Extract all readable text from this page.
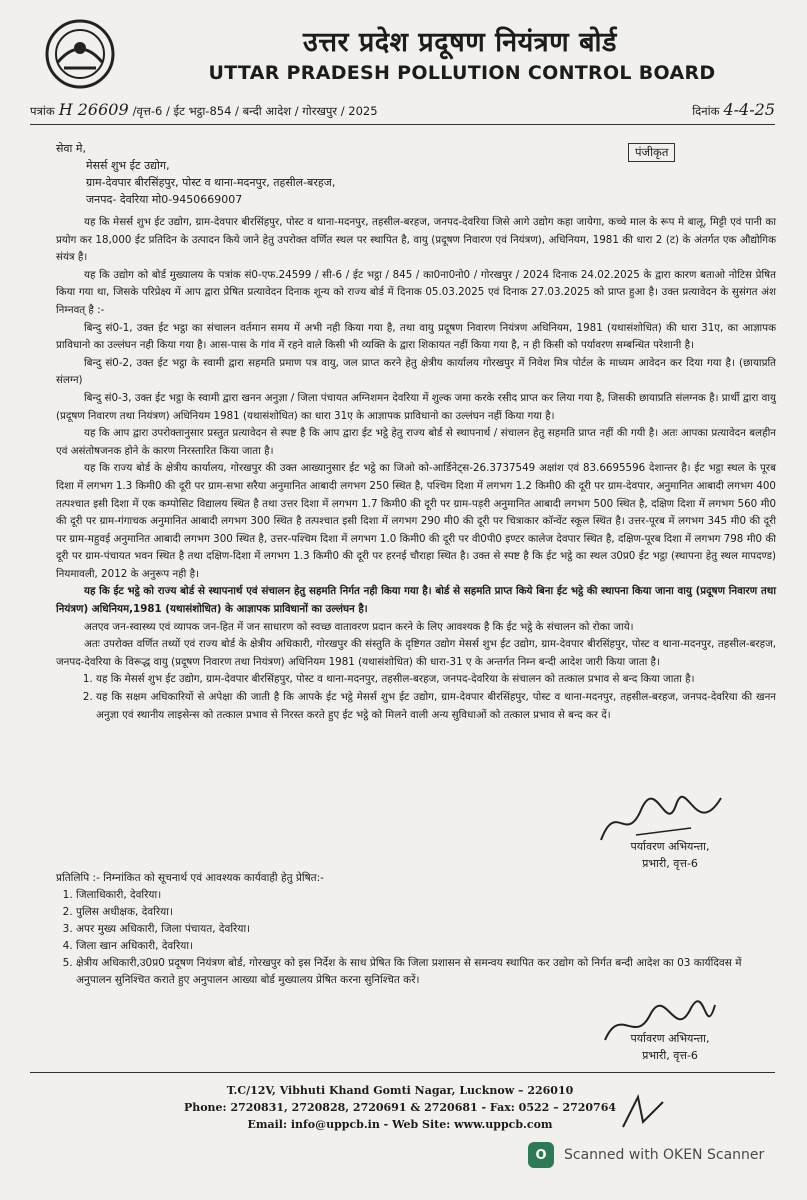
उत्तर प्रदेश प्रदूषण नियंत्रण बोर्ड
UTTAR PRADESH POLLUTION CONTROL BOARD
पत्रांक H 26609 /वृत्त-6 / ईट भट्ठा-854 / बन्दी आदेश / गोरखपुर / 2025	दिनांक 4-4-25
पंजीकृत
सेवा मे,
मेसर्स शुभ ईट उद्योग,
ग्राम-देवपार बीरसिंहपुर, पोस्ट व थाना-मदनपुर, तहसील-बरहज,
जनपद- देवरिया मो0-9450669007

यह कि मेसर्स शुभ ईट उद्योग, ग्राम-देवपार बीरसिंहपुर, पोस्ट व थाना-मदनपुर, तहसील-बरहज, जनपद-देवरिया जिसे आगे उद्योग कहा जायेगा, कच्चे माल के रूप मे बालू, मिट्टी एवं पानी का प्रयोग कर 18,000 ईट प्रतिदिन के उत्पादन किये जाने हेतु उपरोक्त वर्णित स्थल पर स्थापित है, वायु (प्रदूषण निवारण एवं नियंत्रण), अधिनियम, 1981 की धारा 2 (ट) के अंतर्गत एक औद्योगिक संयंत्र है।

यह कि उद्योग को बोर्ड मुख्यालय के पत्रांक सं0-एफ.24599 / सी-6 / ईट भट्ठा / 845 / का0ना0नो0 / गोरखपुर / 2024 दिनाक 24.02.2025 के द्वारा कारण बताओ नोटिस प्रेषित किया गया था, जिसके परिप्रेक्ष्य में आप द्वारा प्रेषित प्रत्यावेदन दिनाक शून्य को राज्य बोर्ड में दिनाक 05.03.2025 एवं दिनाक 27.03.2025 को प्राप्त हुआ है। उक्त प्रत्यावेदन के सुसंगत अंश निम्नवत् है :-

बिन्दु सं0-1, उक्त ईट भट्ठा का संचालन वर्तमान समय में अभी नही किया गया है, तथा वायु प्रदूषण निवारण नियंत्रण अधिनियम, 1981 (यथासंशोधित) की धारा 31ए, का आज्ञापक प्राविधानो का उल्लंघन नही किया गया है। आस-पास के गांव में रहने वाले किसी भी व्यक्ति के द्वारा शिकायत नहीं किया गया है, न ही किसी को पर्यावरण सम्बन्धित परेशानी है।

बिन्दु सं0-2, उक्त ईट भट्ठा के स्वामी द्वारा सहमति प्रमाण पत्र वायु, जल प्राप्त करने हेतु क्षेत्रीय कार्यालय गोरखपुर में निवेश मित्र पोर्टल के माध्यम आवेदन कर दिया गया है। (छायाप्रति संलग्न)

बिन्दु सं0-3, उक्त ईट भट्ठा के स्वामी द्वारा खनन अनुज्ञा / जिला पंचायत अग्निशमन देवरिया में शुल्क जमा करके रसीद प्राप्त कर लिया गया है, जिसकी छायाप्रति संलग्नक है। प्रार्थी द्वारा वायु (प्रदूषण निवारण तथा नियंत्रण) अधिनियम 1981 (यथासंशोधित) का धारा 31ए के आज्ञापक प्राविधानो का उल्लंघन नहीं किया गया है।

यह कि आप द्वारा उपरोक्तानुसार प्रस्तुत प्रत्यावेदन से स्पष्ट है कि आप द्वारा ईट भट्ठे हेतु राज्य बोर्ड से स्थापनार्थ / संचालन हेतु सहमति प्राप्त नहीं की गयी है। अतः आपका प्रत्यावेदन बलहीन एवं असंतोषजनक होने के कारण निरस्तारित किया जाता है।

यह कि राज्य बोर्ड के क्षेत्रीय कार्यालय, गोरखपुर की उक्त आख्यानुसार ईट भट्ठे का जिओ को-आर्डिनेट्स-26.3737549 अक्षांश एवं 83.6695596 देशान्तर है। ईट भट्ठा स्थल के पूरब दिशा में लगभग 1.3 किमी0 की दूरी पर ग्राम-सभा सरैया अनुमानित आबादी लगभग 250 स्थित है, पश्चिम दिशा में लगभग 1.2 किमी0 की दूरी पर ग्राम-देवपार, अनुमानित आबादी लगभग 400 तत्पश्चात इसी दिशा में एक कम्पोसिट विद्यालय स्थित है तथा उत्तर दिशा में लगभग 1.7 किमी0 की दूरी पर ग्राम-पड़री अनुमानित आबादी लगभग 500 स्थित है, दक्षिण दिशा में लगभग 560 मी0 की दूरी पर ग्राम-गंगाचक अनुमानित आबादी लगभग 300 स्थित है तत्पश्चात इसी दिशा में लगभग 290 मी0 की दूरी पर चित्राकार कॉन्वेंट स्कूल स्थित है। उत्तर-पूरब में लगभग 345 मी0 की दूरी पर ग्राम-महुवई अनुमानित आबादी लगभग 300 स्थित है, उत्तर-पश्चिम दिशा में लगभग 1.0 किमी0 की दूरी पर वी0पी0 इण्टर कालेज देवपार स्थित है, दक्षिण-पूरब दिशा में लगभग 798 मी0 की दूरी पर ग्राम-पंचायत भवन स्थित है तथा दक्षिण-दिशा में लगभग 1.3 किमी0 की दूरी पर हरनई चौराहा स्थित है। उक्त से स्पष्ट है कि ईट भट्ठे का स्थल उ0प्र0 ईट भट्ठा (स्थापना हेतु स्थल मापदण्ड) नियमावली, 2012 के अनुरूप नही है।

यह कि ईट भट्ठे को राज्य बोर्ड से स्थापनार्थ एवं संचालन हेतु सहमति निर्गत नही किया गया है। बोर्ड से सहमति प्राप्त किये बिना ईट भट्ठे की स्थापना किया जाना वायु (प्रदूषण निवारण तथा नियंत्रण) अधिनियम,1981 (यथासंशोधित) के आज्ञापक प्राविधानों का उल्लंघन है।

अतएव जन-स्वास्थ्य एवं व्यापक जन-हित में जन साधारण को स्वच्छ वातावरण प्रदान करने के लिए आवश्यक है कि ईट भट्ठे के संचालन को रोका जाये।

अतः उपरोक्त वर्णित तथ्यों एवं राज्य बोर्ड के क्षेत्रीय अधिकारी, गोरखपुर की संस्तुति के दृष्टिगत उद्योग मेसर्स शुभ ईट उद्योग, ग्राम-देवपार बीरसिंहपुर, पोस्ट व थाना-मदनपुर, तहसील-बरहज, जनपद-देवरिया के विरूद्ध वायु (प्रदूषण निवारण तथा नियंत्रण) अधिनियम 1981 (यथासंशोधित) की धारा-31 ए के अन्तर्गत निम्न बन्दी आदेश जारी किया जाता है।

1. यह कि मेसर्स शुभ ईट उद्योग, ग्राम-देवपार बीरसिंहपुर, पोस्ट व थाना-मदनपुर, तहसील-बरहज, जनपद-देवरिया के संचालन को तत्काल प्रभाव से बन्द किया जाता है।
2. यह कि सक्षम अधिकारियों से अपेक्षा की जाती है कि आपके ईट भट्ठे मेसर्स शुभ ईट उद्योग, ग्राम-देवपार बीरसिंहपुर, पोस्ट व थाना-मदनपुर, तहसील-बरहज, जनपद-देवरिया की खनन अनुज्ञा एवं स्थानीय लाइसेन्स को तत्काल प्रभाव से निरस्त करते हुए ईट भट्ठे को मिलने वाली अन्य सुविधाओं को तत्काल प्रभाव से बन्द कर दें।
पर्यावरण अभियन्ता,
प्रभारी, वृत्त-6
प्रतिलिपि :- निम्नांकित को सूचनार्थ एवं आवश्यक कार्यवाही हेतु प्रेषित:-
1. जिलाधिकारी, देवरिया।
2. पुलिस अधीक्षक, देवरिया।
3. अपर मुख्य अधिकारी, जिला पंचायत, देवरिया।
4. जिला खान अधिकारी, देवरिया।
5. क्षेत्रीय अधिकारी,उ0प्र0 प्रदूषण नियंत्रण बोर्ड, गोरखपुर को इस निर्देश के साथ प्रेषित कि जिला प्रशासन से समन्वय स्थापित कर उद्योग को निर्गत बन्दी आदेश का 03 कार्यदिवस में अनुपालन सुनिश्चित कराते हुए अनुपालन आख्या बोर्ड मुख्यालय प्रेषित करना सुनिश्चित करें।
पर्यावरण अभियन्ता,
प्रभारी, वृत्त-6
T.C/12V, Vibhuti Khand Gomti Nagar, Lucknow – 226010
Phone: 2720831, 2720828, 2720691 & 2720681 - Fax: 0522 – 2720764
Email: info@uppcb.in - Web Site: www.uppcb.com
O	Scanned with OKEN Scanner
